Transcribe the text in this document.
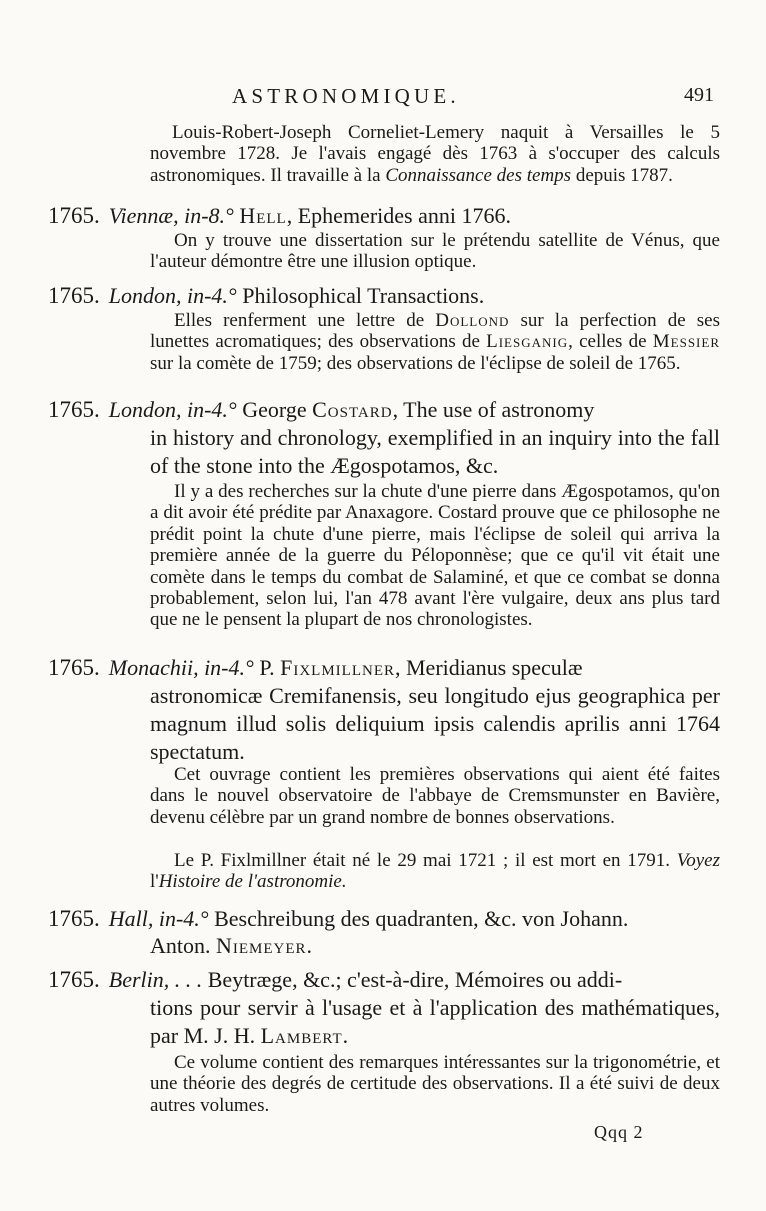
ASTRONOMIQUE.	491

Louis-Robert-Joseph Corneliet-Lemery naquit à Versailles le 5 novembre 1728. Je l'avais engagé dès 1763 à s'occuper des calculs astronomiques. Il travaille à la Connaissance des temps depuis 1787.

1765. Viennæ, in-8.° Hell, Ephemerides anni 1766.

On y trouve une dissertation sur le prétendu satellite de Vénus, que l'auteur démontre être une illusion optique.

1765. London, in-4.° Philosophical Transactions.

Elles renferment une lettre de Dollond sur la perfection de ses lunettes acromatiques; des observations de Liesganig, celles de Messier sur la comète de 1759; des observations de l'éclipse de soleil de 1765.

1765. London, in-4.° George Costard, The use of astronomy

in history and chronology, exemplified in an inquiry into the fall of the stone into the Ægospotamos, &c.

Il y a des recherches sur la chute d'une pierre dans Ægospotamos, qu'on a dit avoir été prédite par Anaxagore. Costard prouve que ce philosophe ne prédit point la chute d'une pierre, mais l'éclipse de soleil qui arriva la première année de la guerre du Péloponnèse; que ce qu'il vit était une comète dans le temps du combat de Salaminé, et que ce combat se donna probablement, selon lui, l'an 478 avant l'ère vulgaire, deux ans plus tard que ne le pensent la plupart de nos chronologistes.

1765. Monachii, in-4.° P. Fixlmillner, Meridianus speculæ

astronomicæ Cremifanensis, seu longitudo ejus geographica per magnum illud solis deliquium ipsis calendis aprilis anni 1764 spectatum.

Cet ouvrage contient les premières observations qui aient été faites dans le nouvel observatoire de l'abbaye de Cremsmunster en Bavière, devenu célèbre par un grand nombre de bonnes observations.

Le P. Fixlmillner était né le 29 mai 1721 ; il est mort en 1791. Voyez l'Histoire de l'astronomie.

1765. Hall, in-4.° Beschreibung des quadranten, &c. von Johann.

Anton. Niemeyer.

1765. Berlin, . . . Beytræge, &c.; c'est-à-dire, Mémoires ou addi-

tions pour servir à l'usage et à l'application des mathématiques, par M. J. H. Lambert.

Ce volume contient des remarques intéressantes sur la trigonométrie, et une théorie des degrés de certitude des observations. Il a été suivi de deux autres volumes.

Qqq 2
